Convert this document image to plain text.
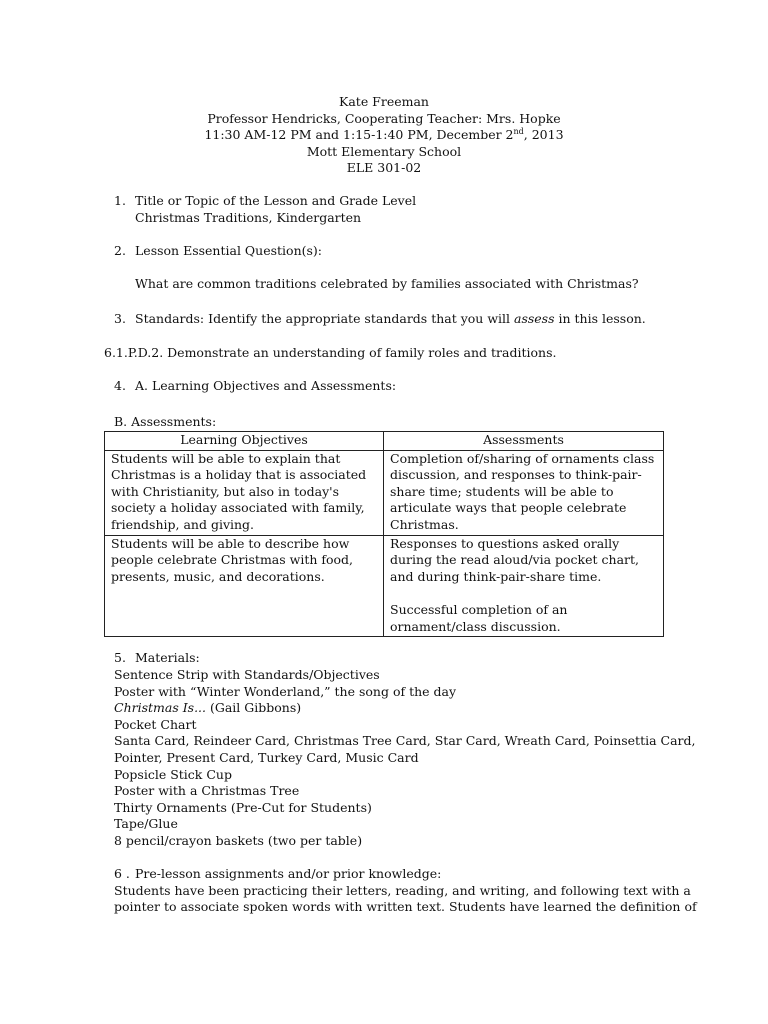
Kate Freeman
Professor Hendricks, Cooperating Teacher: Mrs. Hopke
11:30 AM-12 PM and 1:15-1:40 PM, December 2nd, 2013
Mott Elementary School
ELE 301-02
1. Title or Topic of the Lesson and Grade Level
Christmas Traditions, Kindergarten
2. Lesson Essential Question(s):
What are common traditions celebrated by families associated with Christmas?
3. Standards: Identify the appropriate standards that you will assess in this lesson.
6.1.P.D.2. Demonstrate an understanding of family roles and traditions.
4. A. Learning Objectives and Assessments:
B. Assessments:
Learning Objectives	Assessments
Students will be able to explain that Christmas is a holiday that is associated with Christianity, but also in today's society a holiday associated with family, friendship, and giving.	Completion of/sharing of ornaments class discussion, and responses to think-pair-share time; students will be able to articulate ways that people celebrate Christmas.
Students will be able to describe how people celebrate Christmas with food, presents, music, and decorations.	Responses to questions asked orally during the read aloud/via pocket chart, and during think-pair-share time.
Successful completion of an ornament/class discussion.
5. Materials:
Sentence Strip with Standards/Objectives
Poster with “Winter Wonderland,” the song of the day
Christmas Is... (Gail Gibbons)
Pocket Chart
Santa Card, Reindeer Card, Christmas Tree Card, Star Card, Wreath Card, Poinsettia Card,
Pointer, Present Card, Turkey Card, Music Card
Popsicle Stick Cup
Poster with a Christmas Tree
Thirty Ornaments (Pre-Cut for Students)
Tape/Glue
8 pencil/crayon baskets (two per table)
6 . Pre-lesson assignments and/or prior knowledge:
Students have been practicing their letters, reading, and writing, and following text with a
pointer to associate spoken words with written text. Students have learned the definition of
